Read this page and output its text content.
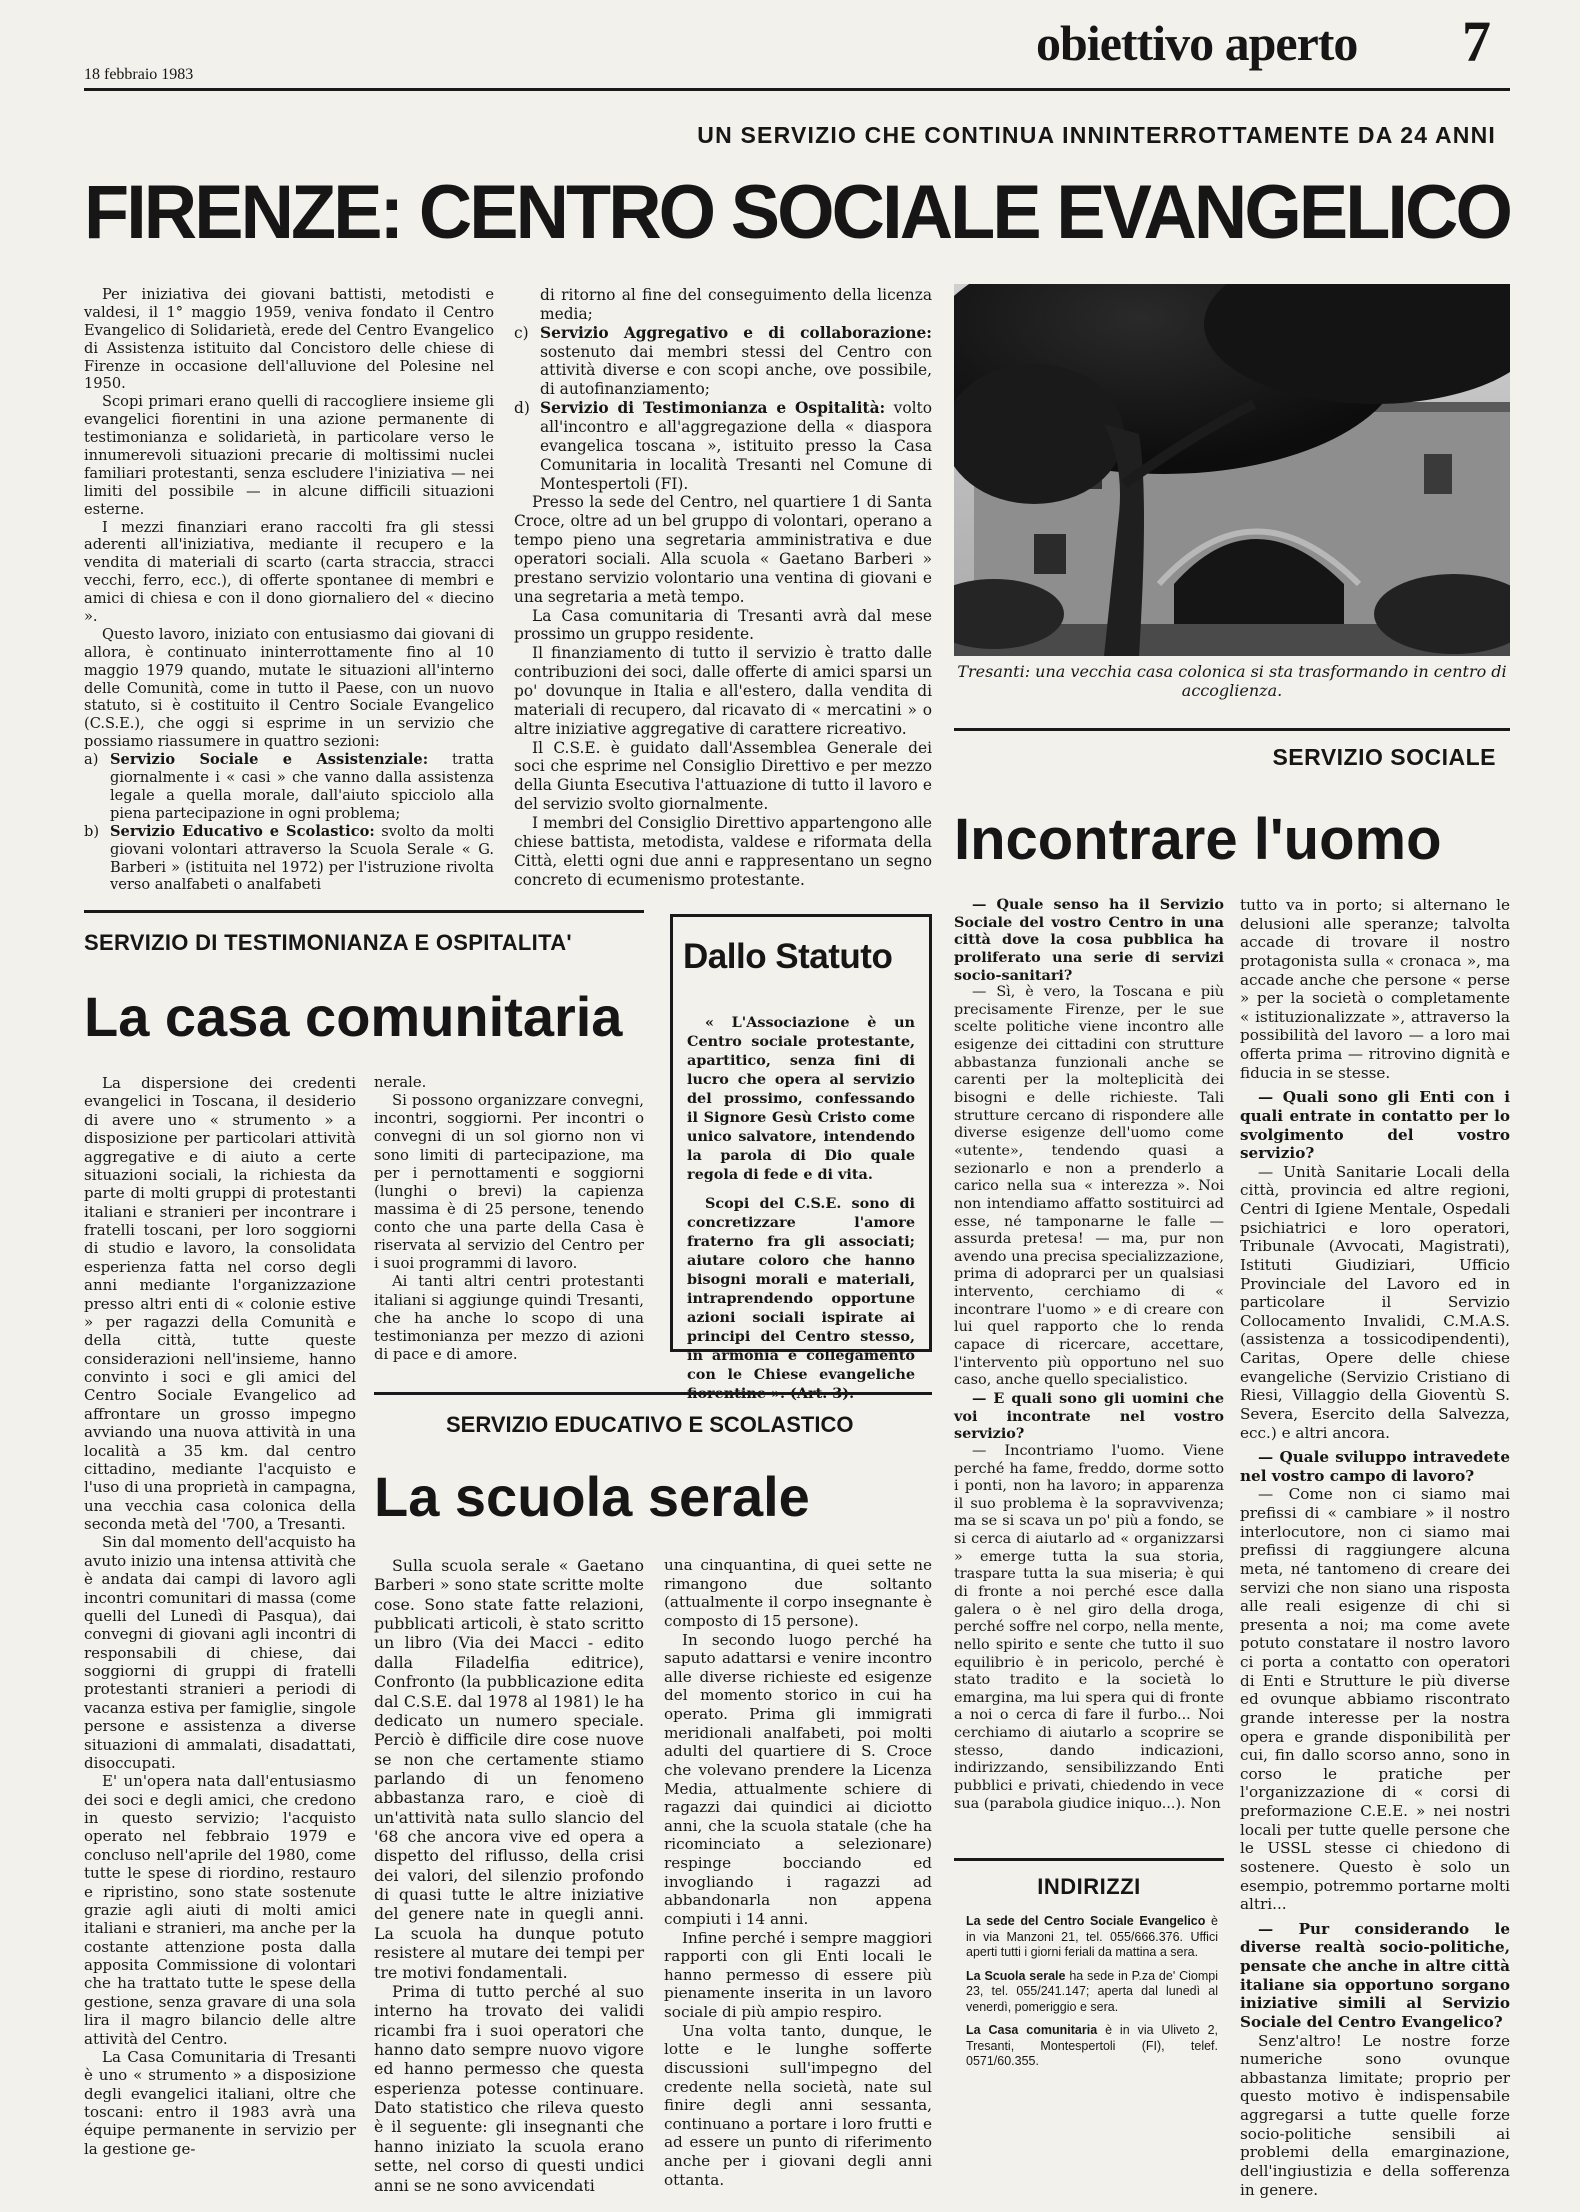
18 febbraio 1983
obiettivo aperto 7
UN SERVIZIO CHE CONTINUA INNINTERROTTAMENTE DA 24 ANNI
FIRENZE: CENTRO SOCIALE EVANGELICO

Per iniziativa dei giovani battisti, metodisti e valdesi, il 1° maggio 1959, veniva fondato il Centro Evangelico di Solidarietà, erede del Centro Evangelico di Assistenza istituito dal Concistoro delle chiese di Firenze in occasione dell'alluvione del Polesine nel 1950.

Scopi primari erano quelli di raccogliere insieme gli evangelici fiorentini in una azione permanente di testimonianza e solidarietà, in particolare verso le innumerevoli situazioni precarie di moltissimi nuclei familiari protestanti, senza escludere l'iniziativa — nei limiti del possibile — in alcune difficili situazioni esterne.

I mezzi finanziari erano raccolti fra gli stessi aderenti all'iniziativa, mediante il recupero e la vendita di materiali di scarto (carta straccia, stracci vecchi, ferro, ecc.), di offerte spontanee di membri e amici di chiesa e con il dono giornaliero del « diecino ».

Questo lavoro, iniziato con entusiasmo dai giovani di allora, è continuato ininterrottamente fino al 10 maggio 1979 quando, mutate le situazioni all'interno delle Comunità, come in tutto il Paese, con un nuovo statuto, si è costituito il Centro Sociale Evangelico (C.S.E.), che oggi si esprime in un servizio che possiamo riassumere in quattro sezioni:

a) Servizio Sociale e Assistenziale: tratta giornalmente i « casi » che vanno dalla assistenza legale a quella morale, dall'aiuto spicciolo alla piena partecipazione in ogni problema;

b) Servizio Educativo e Scolastico: svolto da molti giovani volontari attraverso la Scuola Serale « G. Barberi » (istituita nel 1972) per l'istruzione rivolta verso analfabeti o analfabeti

di ritorno al fine del conseguimento della licenza media;

c) Servizio Aggregativo e di collaborazione: sostenuto dai membri stessi del Centro con attività diverse e con scopi anche, ove possibile, di autofinanziamento;

d) Servizio di Testimonianza e Ospitalità: volto all'incontro e all'aggregazione della « diaspora evangelica toscana », istituito presso la Casa Comunitaria in località Tresanti nel Comune di Montespertoli (FI).

Presso la sede del Centro, nel quartiere 1 di Santa Croce, oltre ad un bel gruppo di volontari, operano a tempo pieno una segretaria amministrativa e due operatori sociali. Alla scuola « Gaetano Barberi » prestano servizio volontario una ventina di giovani e una segretaria a metà tempo.

La Casa comunitaria di Tresanti avrà dal mese prossimo un gruppo residente.

Il finanziamento di tutto il servizio è tratto dalle contribuzioni dei soci, dalle offerte di amici sparsi un po' dovunque in Italia e all'estero, dalla vendita di materiali di recupero, dal ricavato di « mercatini » o altre iniziative aggregative di carattere ricreativo.

Il C.S.E. è guidato dall'Assemblea Generale dei soci che esprime nel Consiglio Direttivo e per mezzo della Giunta Esecutiva l'attuazione di tutto il lavoro e del servizio svolto giornalmente.

I membri del Consiglio Direttivo appartengono alle chiese battista, metodista, valdese e riformata della Città, eletti ogni due anni e rappresentano un segno concreto di ecumenismo protestante.

Tresanti: una vecchia casa colonica si sta trasformando in centro di accoglienza.
SERVIZIO SOCIALE
Incontrare l'uomo
SERVIZIO DI TESTIMONIANZA E OSPITALITA'
La casa comunitaria

La dispersione dei credenti evangelici in Toscana, il desiderio di avere uno « strumento » a disposizione per particolari attività aggregative e di aiuto a certe situazioni sociali, la richiesta da parte di molti gruppi di protestanti italiani e stranieri per incontrare i fratelli toscani, per loro soggiorni di studio e lavoro, la consolidata esperienza fatta nel corso degli anni mediante l'organizzazione presso altri enti di « colonie estive » per ragazzi della Comunità e della città, tutte queste considerazioni nell'insieme, hanno convinto i soci e gli amici del Centro Sociale Evangelico ad affrontare un grosso impegno avviando una nuova attività in una località a 35 km. dal centro cittadino, mediante l'acquisto e l'uso di una proprietà in campagna, una vecchia casa colonica della seconda metà del '700, a Tresanti.

Sin dal momento dell'acquisto ha avuto inizio una intensa attività che è andata dai campi di lavoro agli incontri comunitari di massa (come quelli del Lunedì di Pasqua), dai convegni di giovani agli incontri di responsabili di chiese, dai soggiorni di gruppi di fratelli protestanti stranieri a periodi di vacanza estiva per famiglie, singole persone e assistenza a diverse situazioni di ammalati, disadattati, disoccupati.

E' un'opera nata dall'entusiasmo dei soci e degli amici, che credono in questo servizio; l'acquisto operato nel febbraio 1979 e concluso nell'aprile del 1980, come tutte le spese di riordino, restauro e ripristino, sono state sostenute grazie agli aiuti di molti amici italiani e stranieri, ma anche per la costante attenzione posta dalla apposita Commissione di volontari che ha trattato tutte le spese della gestione, senza gravare di una sola lira il magro bilancio delle altre attività del Centro.

La Casa Comunitaria di Tresanti è uno « strumento » a disposizione degli evangelici italiani, oltre che toscani: entro il 1983 avrà una équipe permanente in servizio per la gestione ge-

nerale.

Si possono organizzare convegni, incontri, soggiorni. Per incontri o convegni di un sol giorno non vi sono limiti di partecipazione, ma per i pernottamenti e soggiorni (lunghi o brevi) la capienza massima è di 25 persone, tenendo conto che una parte della Casa è riservata al servizio del Centro per i suoi programmi di lavoro.

Ai tanti altri centri protestanti italiani si aggiunge quindi Tresanti, che ha anche lo scopo di una testimonianza per mezzo di azioni di pace e di amore.

Dallo Statuto

« L'Associazione è un Centro sociale protestante, apartitico, senza fini di lucro che opera al servizio del prossimo, confessando il Signore Gesù Cristo come unico salvatore, intendendo la parola di Dio quale regola di fede e di vita.

Scopi del C.S.E. sono di concretizzare l'amore fraterno fra gli associati; aiutare coloro che hanno bisogni morali e materiali, intraprendendo opportune azioni sociali ispirate ai principi del Centro stesso, in armonia e collegamento con le Chiese evangeliche

SERVIZIO EDUCATIVO E SCOLASTICO
La scuola serale

Sulla scuola serale « Gaetano Barberi » sono state scritte molte cose. Sono state fatte relazioni, pubblicati articoli, è stato scritto un libro (Via dei Macci - edito dalla Filadelfia editrice), Confronto (la pubblicazione edita dal C.S.E. dal 1978 al 1981) le ha dedicato un numero speciale. Perciò è difficile dire cose nuove se non che certamente stiamo parlando di un fenomeno abbastanza raro, e cioè di un'attività nata sullo slancio del '68 che ancora vive ed opera a dispetto del riflusso, della crisi dei valori, del silenzio profondo di quasi tutte le altre iniziative del genere nate in quegli anni. La scuola ha dunque potuto resistere al mutare dei tempi per tre motivi fondamentali.

Prima di tutto perché al suo interno ha trovato dei validi ricambi fra i suoi operatori che hanno dato sempre nuovo vigore ed hanno permesso che questa esperienza potesse continuare. Dato statistico che rileva questo è il seguente: gli insegnanti che hanno iniziato la scuola erano sette, nel corso di questi undici anni se ne sono avvicendati

una cinquantina, di quei sette ne rimangono due soltanto (attualmente il corpo insegnante è composto di 15 persone).

In secondo luogo perché ha saputo adattarsi e venire incontro alle diverse richieste ed esigenze del momento storico in cui ha operato. Prima gli immigrati meridionali analfabeti, poi molti adulti del quartiere di S. Croce che volevano prendere la Licenza Media, attualmente schiere di ragazzi dai quindici ai diciotto anni, che la scuola statale (che ha ricominciato a selezionare) respinge bocciando ed invogliando i ragazzi ad abbandonarla non appena compiuti i 14 anni.

Infine perché i sempre maggiori rapporti con gli Enti locali le hanno permesso di essere più pienamente inserita in un lavoro sociale di più ampio respiro.

Una volta tanto, dunque, le lotte e le lunghe sofferte discussioni sull'impegno del credente nella società, nate sul finire degli anni sessanta, continuano a portare i loro frutti e ad essere un punto di riferimento anche per i giovani degli anni ottanta.

— Quale senso ha il Servizio Sociale del vostro Centro in una città dove la cosa pubblica ha proliferato una serie di servizi socio-sanitari?

— Sì, è vero, la Toscana e più precisamente Firenze, per le sue scelte politiche viene incontro alle esigenze dei cittadini con strutture abbastanza funzionali anche se carenti per la molteplicità dei bisogni e delle richieste. Tali strutture cercano di rispondere alle diverse esigenze dell'uomo come «utente», tendendo quasi a sezionarlo e non a prenderlo a carico nella sua « interezza ». Noi non intendiamo affatto sostituirci ad esse, né tamponarne le falle — assurda pretesa! — ma, pur non avendo una precisa specializzazione, prima di adoprarci per un qualsiasi intervento, cerchiamo di « incontrare l'uomo » e di creare con lui quel rapporto che lo renda capace di ricercare, accettare, l'intervento più opportuno nel suo caso, anche quello specialistico.

— E quali sono gli uomini che voi incontrate nel vostro servizio?

— Incontriamo l'uomo. Viene perché ha fame, freddo, dorme sotto i ponti, non ha lavoro; in apparenza il suo problema è la sopravvivenza; ma se si scava un po' più a fondo, se si cerca di aiutarlo ad « organizzarsi » emerge tutta la sua storia, traspare tutta la sua miseria; è qui di fronte a noi perché esce dalla galera o è nel giro della droga, perché soffre nel corpo, nella mente, nello spirito e sente che tutto il suo equilibrio è in pericolo, perché è stato tradito e la società lo emargina, ma lui spera qui di fronte a noi o cerca di fare il furbo... Noi cerchiamo di aiutarlo a scoprire se stesso, dando indicazioni, indirizzando, sensibilizzando Enti pubblici e privati, chiedendo in vece sua (parabola giudice iniquo...). Non

tutto va in porto; si alternano le delusioni alle speranze; talvolta accade di trovare il nostro protagonista sulla « cronaca », ma accade anche che persone « perse » per la società o completamente « istituzionalizzate », attraverso la possibilità del lavoro — a loro mai offerta prima — ritrovino dignità e fiducia in se stesse.

— Quali sono gli Enti con i quali entrate in contatto per lo svolgimento del vostro servizio?

— Unità Sanitarie Locali della città, provincia ed altre regioni, Centri di Igiene Mentale, Ospedali psichiatrici e loro operatori, Tribunale (Avvocati, Magistrati), Istituti Giudiziari, Ufficio Provinciale del Lavoro ed in particolare il Servizio Collocamento Invalidi, C.M.A.S. (assistenza a tossicodipendenti), Caritas, Opere delle chiese evangeliche (Servizio Cristiano di Riesi, Villaggio della Gioventù S. Severa, Esercito della Salvezza, ecc.) e altri ancora.

— Quale sviluppo intravedete nel vostro campo di lavoro?

— Come non ci siamo mai prefissi di « cambiare » il nostro interlocutore, non ci siamo mai prefissi di raggiungere alcuna meta, né tantomeno di creare dei servizi che non siano una risposta alle reali esigenze di chi si presenta a noi; ma come avete potuto constatare il nostro lavoro ci porta a contatto con operatori di Enti e Strutture le più diverse ed ovunque abbiamo riscontrato grande interesse per la nostra opera e grande disponibilità per cui, fin dallo scorso anno, sono in corso le pratiche per l'organizzazione di « corsi di preformazione C.E.E. » nei nostri locali per tutte quelle persone che le USSL stesse ci chiedono di sostenere. Questo è solo un esempio, potremmo portarne molti altri...

— Pur considerando le diverse realtà socio-politiche, pensate che anche in altre città italiane sia opportuno sorgano iniziative simili al Servizio Sociale del Centro Evangelico?

Senz'altro! Le nostre forze numeriche sono ovunque abbastanza limitate; proprio per questo motivo è indispensabile aggregarsi a tutte quelle forze socio-politiche sensibili ai problemi della emarginazione, dell'ingiustizia e della sofferenza in genere.

INDIRIZZI

La sede del Centro Sociale Evangelico è in via Manzoni 21, tel. 055/666.376. Uffici aperti tutti i giorni feriali da mattina a sera.

La Scuola serale ha sede in P.za de' Ciompi 23, tel. 055/241.147; aperta dal lunedì al venerdì, pomeriggio e sera.

La Casa comunitaria è in via Uliveto 2, Tresanti, Montespertoli (FI), telef. 0571/60.355.
